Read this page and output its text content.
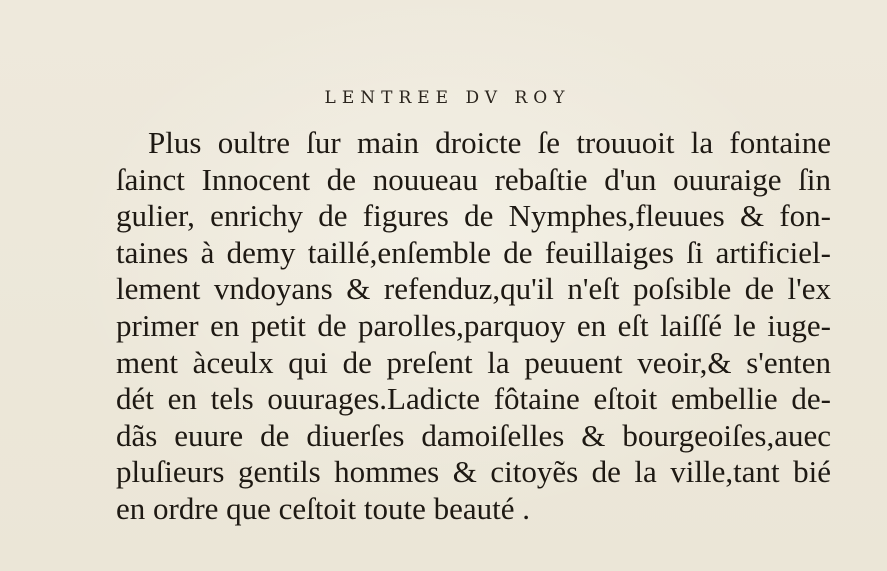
LENTREE DV ROY
Plus oultre ſur main droicte ſe trouuoit la fontaine
ſainct Innocent de nouueau rebaſtie d'un ouuraige ſin
gulier, enrichy de figures de Nymphes,fleuues & fon-
taines à demy taillé,enſemble de feuillaiges ſi artificiel-
lement vndoyans & refenduz,qu'il n'eſt poſsible de l'ex
primer en petit de parolles,parquoy en eſt laiſſé le iuge-
ment àceulx qui de preſent la peuuent veoir,& s'enten
dét en tels ouurages.Ladicte fôtaine eſtoit embellie de-
dãs euure de diuerſes damoiſelles & bourgeoiſes,auec
pluſieurs gentils hommes & citoyẽs de la ville,tant bié
en ordre que ceſtoit toute beauté .
